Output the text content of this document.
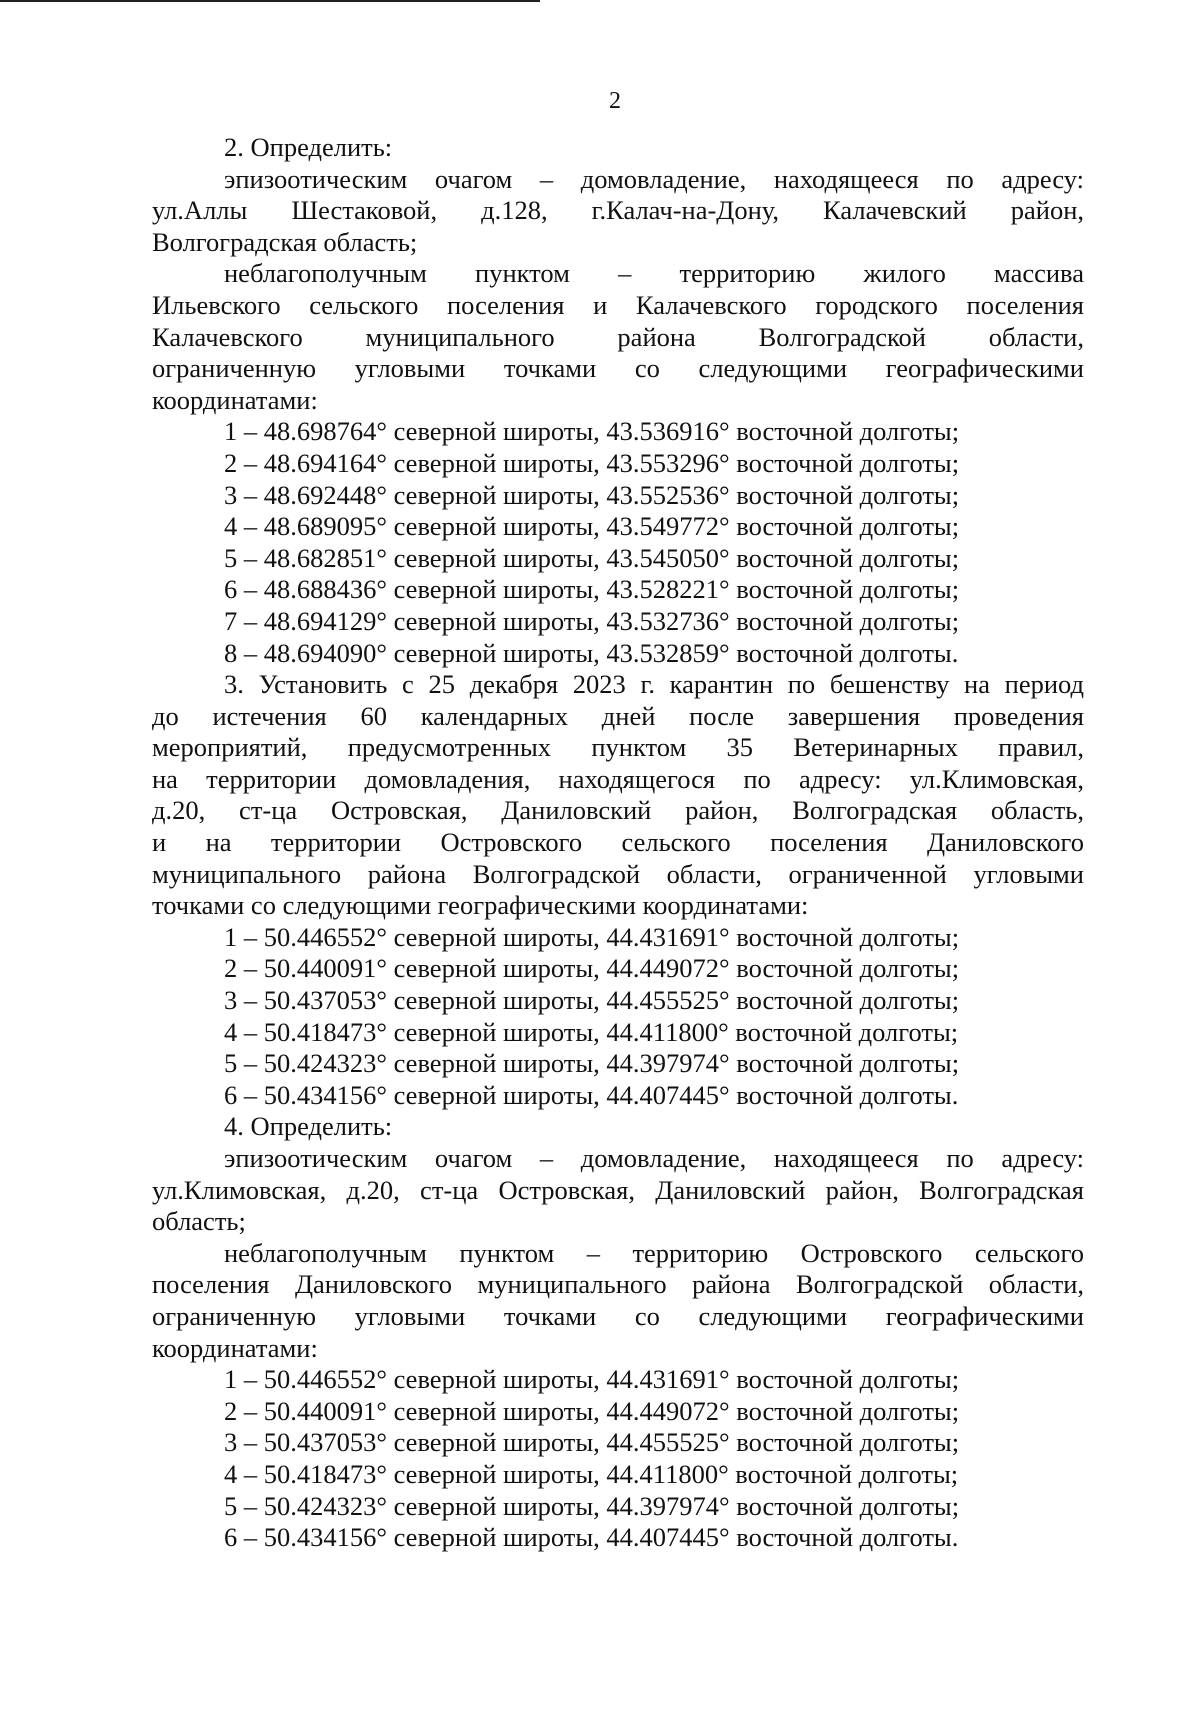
2

2. Определить:

эпизоотическим очагом – домовладение, находящееся по адресу:

ул.Аллы Шестаковой, д.128, г.Калач-на-Дону, Калачевский район,

Волгоградская область;

неблагополучным пунктом – территорию жилого массива

Ильевского сельского поселения и Калачевского городского поселения

Калачевского муниципального района Волгоградской области,

ограниченную угловыми точками со следующими географическими

координатами:

1 – 48.698764° северной широты, 43.536916° восточной долготы;

2 – 48.694164° северной широты, 43.553296° восточной долготы;

3 – 48.692448° северной широты, 43.552536° восточной долготы;

4 – 48.689095° северной широты, 43.549772° восточной долготы;

5 – 48.682851° северной широты, 43.545050° восточной долготы;

6 – 48.688436° северной широты, 43.528221° восточной долготы;

7 – 48.694129° северной широты, 43.532736° восточной долготы;

8 – 48.694090° северной широты, 43.532859° восточной долготы.

3. Установить с 25 декабря 2023 г. карантин по бешенству на период

до истечения 60 календарных дней после завершения проведения

мероприятий, предусмотренных пунктом 35 Ветеринарных правил,

на территории домовладения, находящегося по адресу: ул.Климовская,

д.20, ст-ца Островская, Даниловский район, Волгоградская область,

и на территории Островского сельского поселения Даниловского

муниципального района Волгоградской области, ограниченной угловыми

точками со следующими географическими координатами:

1 – 50.446552° северной широты, 44.431691° восточной долготы;

2 – 50.440091° северной широты, 44.449072° восточной долготы;

3 – 50.437053° северной широты, 44.455525° восточной долготы;

4 – 50.418473° северной широты, 44.411800° восточной долготы;

5 – 50.424323° северной широты, 44.397974° восточной долготы;

6 – 50.434156° северной широты, 44.407445° восточной долготы.

4. Определить:

эпизоотическим очагом – домовладение, находящееся по адресу:

ул.Климовская, д.20, ст-ца Островская, Даниловский район, Волгоградская

область;

неблагополучным пунктом – территорию Островского сельского

поселения Даниловского муниципального района Волгоградской области,

ограниченную угловыми точками со следующими географическими

координатами:

1 – 50.446552° северной широты, 44.431691° восточной долготы;

2 – 50.440091° северной широты, 44.449072° восточной долготы;

3 – 50.437053° северной широты, 44.455525° восточной долготы;

4 – 50.418473° северной широты, 44.411800° восточной долготы;

5 – 50.424323° северной широты, 44.397974° восточной долготы;

6 – 50.434156° северной широты, 44.407445° восточной долготы.
